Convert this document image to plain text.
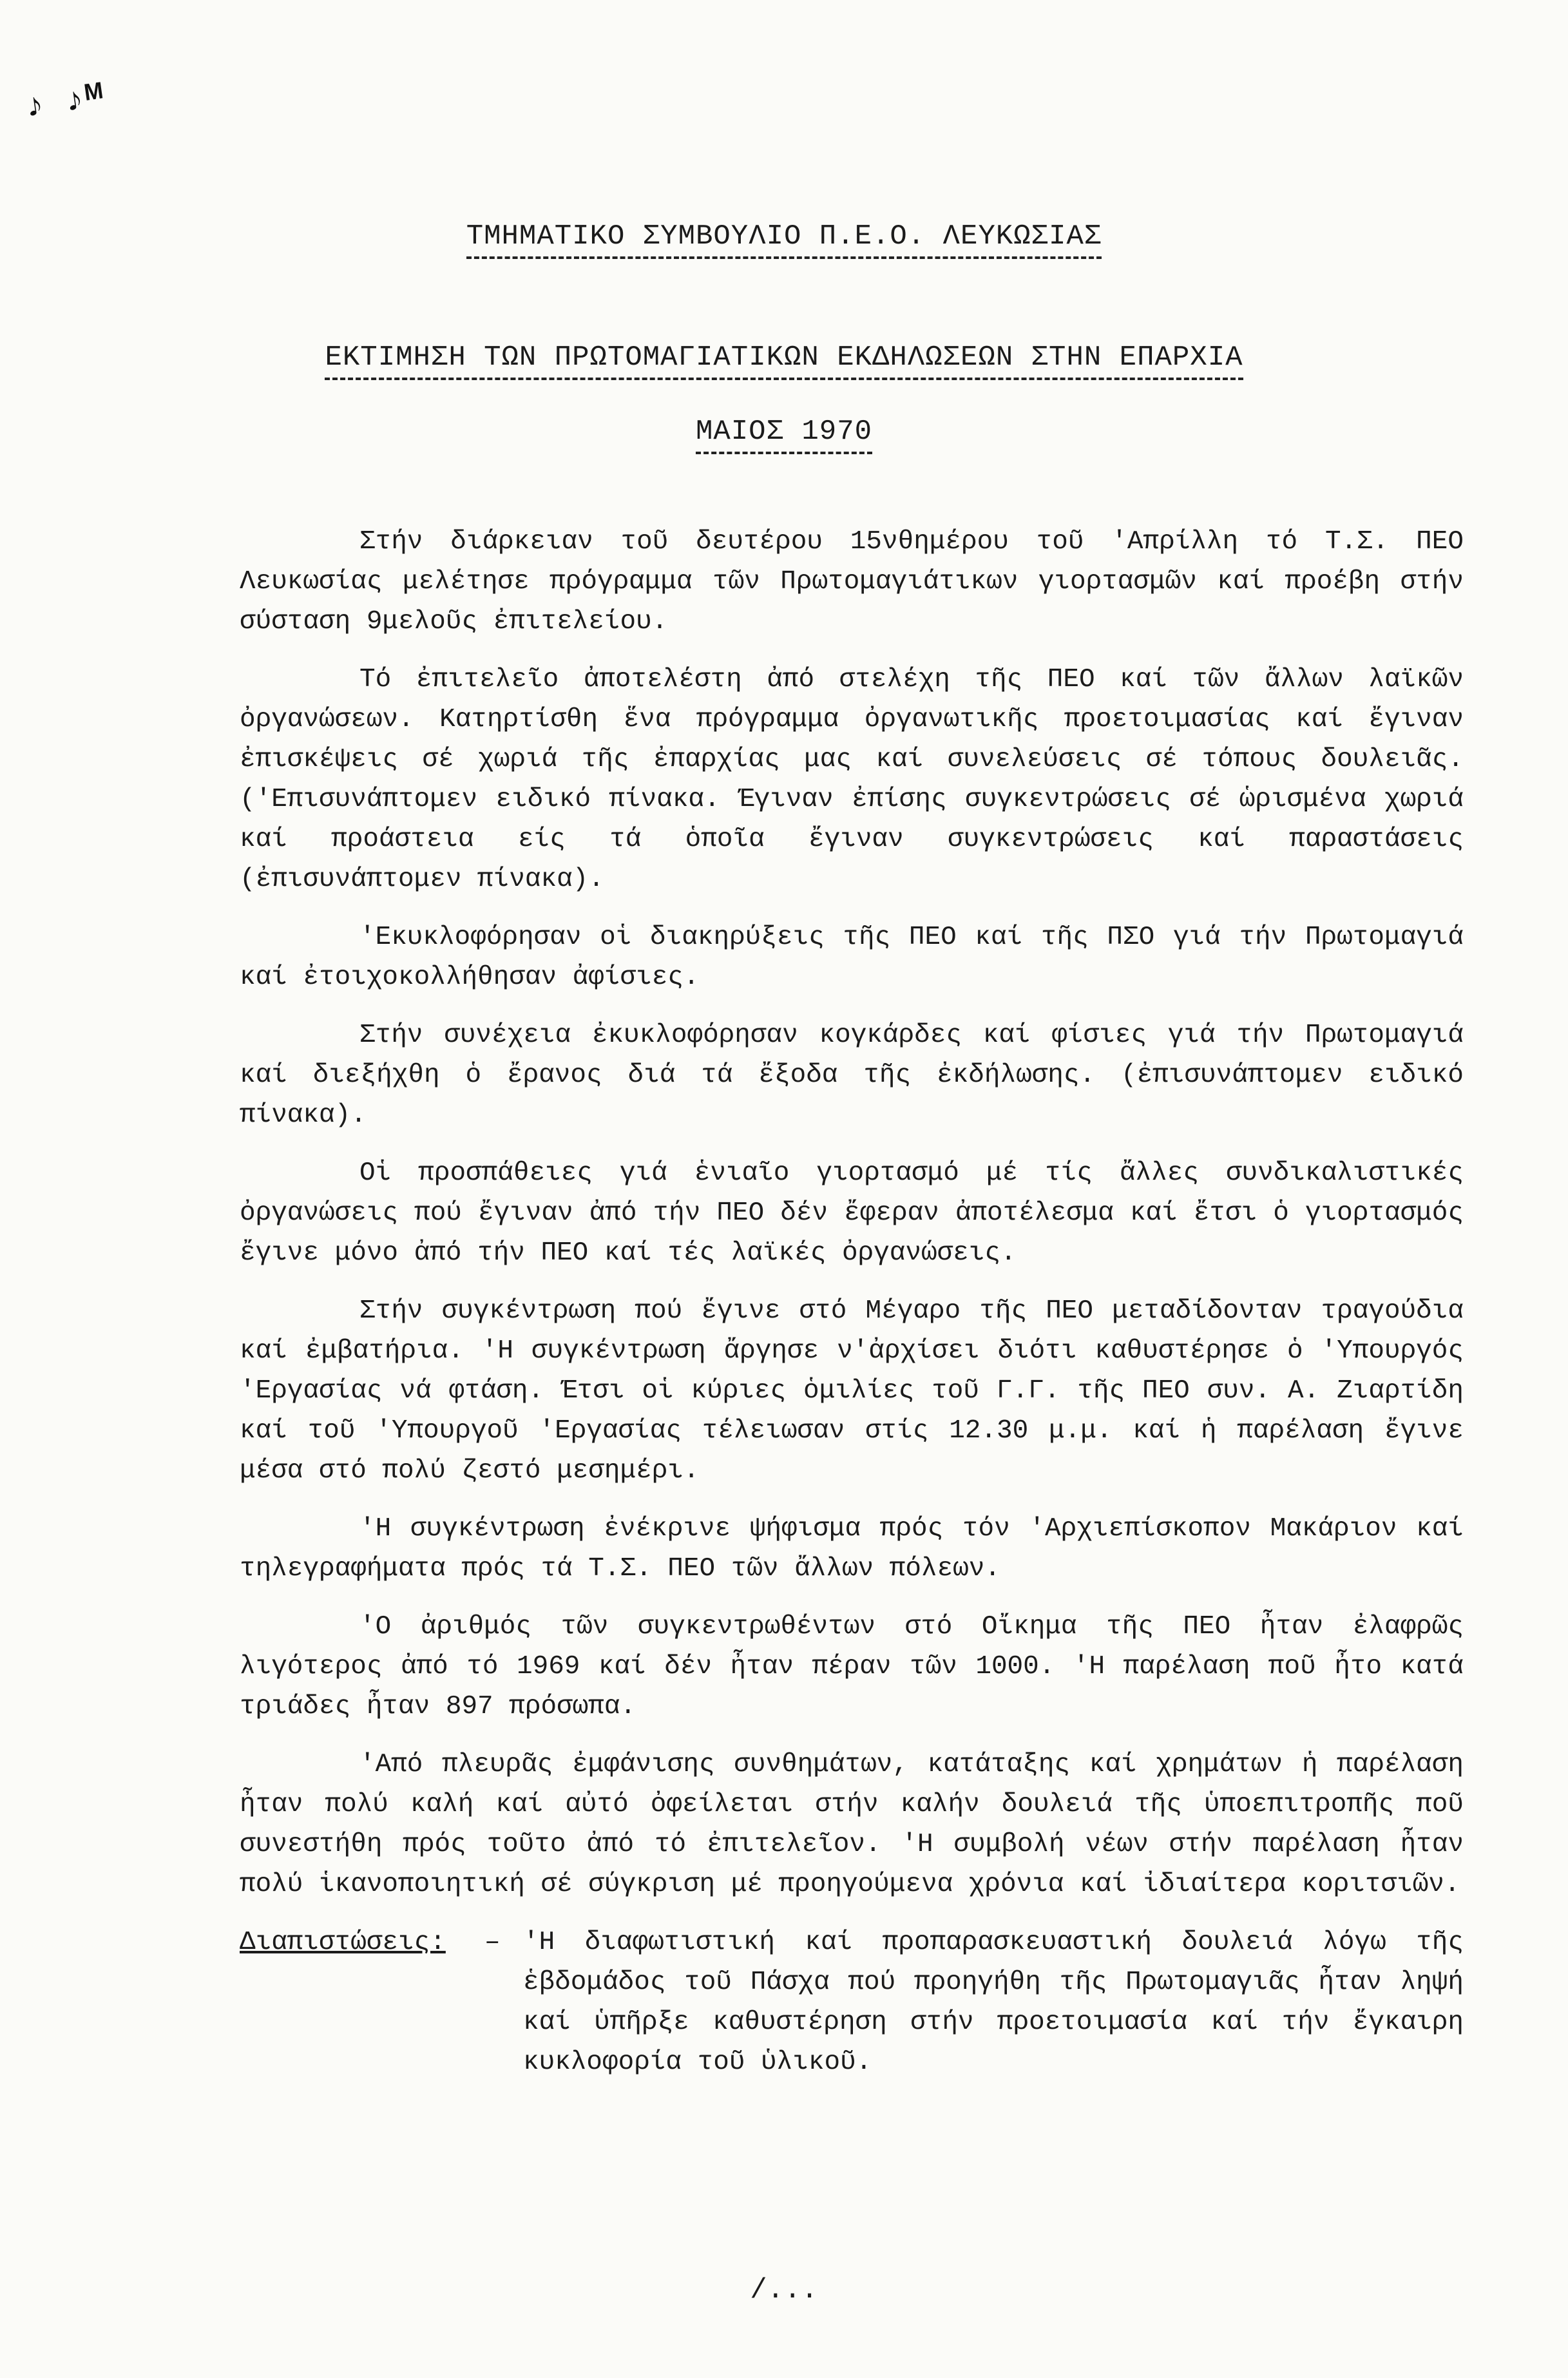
♪ ♪ᴹ
ΤΜΗΜΑΤΙΚΟ ΣΥΜΒΟΥΛΙΟ Π.Ε.Ο. ΛΕΥΚΩΣΙΑΣ
ΕΚΤΙΜΗΣΗ ΤΩΝ ΠΡΩΤΟΜΑΓΙΑΤΙΚΩΝ ΕΚΔΗΛΩΣΕΩΝ ΣΤΗΝ ΕΠΑΡΧΙΑ
ΜΑΙΟΣ 1970

Στήν διάρκειαν τοῦ δευτέρου 15νθημέρου τοῦ 'Απρίλλη τό Τ.Σ. ΠΕΟ Λευκωσίας μελέτησε πρόγραμμα τῶν Πρωτομαγιάτικων γιορτασμῶν καί προέβη στήν σύσταση 9μελοῦς ἐπιτελείου.

Τό ἐπιτελεῖο ἀποτελέστη ἀπό στελέχη τῆς ΠΕΟ καί τῶν ἄλλων λαϊκῶν ὀργανώσεων. Κατηρτίσθη ἕνα πρόγραμμα ὀργανωτικῆς προετοιμασίας καί ἔγιναν ἐπισκέψεις σέ χωριά τῆς ἐπαρχίας μας καί συνελεύσεις σέ τόπους δουλειᾶς.('Επισυνάπτομεν ειδικό πίνακα. Έγιναν ἐπίσης συγκεντρώσεις σέ ὡρισμένα χωριά καί προάστεια είς τά ὁποῖα ἔγιναν συγκεντρώσεις καί παραστάσεις (ἐπισυνάπτομεν πίνακα).

'Εκυκλοφόρησαν οἱ διακηρύξεις τῆς ΠΕΟ καί τῆς ΠΣΟ γιά τήν Πρωτομαγιά καί ἐτοιχοκολλήθησαν ἀφίσιες.

Στήν συνέχεια ἐκυκλοφόρησαν κογκάρδες καί φίσιες γιά τήν Πρωτομαγιά καί διεξήχθη ὁ ἔρανος διά τά ἔξοδα τῆς ἐκδήλωσης. (ἐπισυνάπτομεν ειδικό πίνακα).

Οἱ προσπάθειες γιά ἑνιαῖο γιορτασμό μέ τίς ἄλλες συνδικαλιστικές ὀργανώσεις πού ἔγιναν ἀπό τήν ΠΕΟ δέν ἔφεραν ἀποτέλεσμα καί ἔτσι ὁ γιορτασμός ἔγινε μόνο ἀπό τήν ΠΕΟ καί τές λαϊκές ὀργανώσεις.

Στήν συγκέντρωση πού ἔγινε στό Μέγαρο τῆς ΠΕΟ μεταδίδονταν τραγούδια καί ἐμβατήρια. 'Η συγκέντρωση ἄργησε ν'ἀρχίσει διότι καθυστέρησε ὁ 'Υπουργός 'Εργασίας νά φτάση. Έτσι οἱ κύριες ὁμιλίες τοῦ Γ.Γ. τῆς ΠΕΟ συν. Α. Ζιαρτίδη καί τοῦ 'Υπουργοῦ 'Εργασίας τέλειωσαν στίς 12.30 μ.μ. καί ἡ παρέλαση ἔγινε μέσα στό πολύ ζεστό μεσημέρι.

'Η συγκέντρωση ἐνέκρινε ψήφισμα πρός τόν 'Αρχιεπίσκοπον Μακάριον καί τηλεγραφήματα πρός τά Τ.Σ. ΠΕΟ τῶν ἄλλων πόλεων.

'Ο ἀριθμός τῶν συγκεντρωθέντων στό Οἴκημα τῆς ΠΕΟ ἦταν ἐλαφρῶς λιγότερος ἀπό τό 1969 καί δέν ἦταν πέραν τῶν 1000. 'Η παρέλαση ποῦ ἦτο κατά τριάδες ἦταν 897 πρόσωπα.

'Από πλευρᾶς ἐμφάνισης συνθημάτων, κατάταξης καί χρημάτων ἡ παρέλαση ἦταν πολύ καλή καί αὐτό ὀφείλεται στήν καλήν δουλειά τῆς ὑποεπιτροπῆς ποῦ συνεστήθη πρός τοῦτο ἀπό τό ἐπιτελεῖον. 'Η συμβολή νέων στήν παρέλαση ἦταν πολύ ἱκανοποιητική σέ σύγκριση μέ προηγούμενα χρόνια καί ἰδιαίτερα κοριτσιῶν.

Διαπιστώσεις:	– 'Η διαφωτιστική καί προπαρασκευαστική δουλειά λόγω τῆς ἑβδομάδος τοῦ Πάσχα πού προηγήθη τῆς Πρωτομαγιᾶς ἦταν ληψή καί ὑπῆρξε καθυστέρηση στήν προετοιμασία καί τήν ἔγκαιρη κυκλοφορία τοῦ ὑλικοῦ.
/...
